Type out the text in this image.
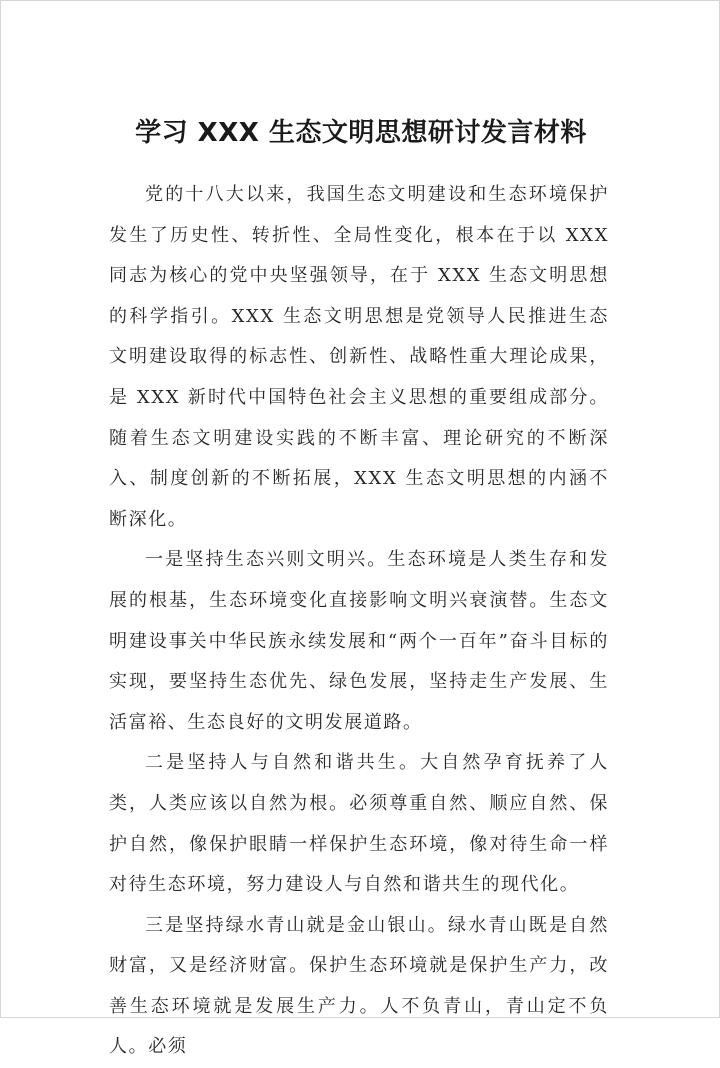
学习 XXX 生态文明思想研讨发言材料

党的十八大以来，我国生态文明建设和生态环境保护发生了历史性、转折性、全局性变化，根本在于以 XXX 同志为核心的党中央坚强领导，在于 XXX 生态文明思想的科学指引。XXX 生态文明思想是党领导人民推进生态文明建设取得的标志性、创新性、战略性重大理论成果，是 XXX 新时代中国特色社会主义思想的重要组成部分。随着生态文明建设实践的不断丰富、理论研究的不断深入、制度创新的不断拓展，XXX 生态文明思想的内涵不断深化。

一是坚持生态兴则文明兴。生态环境是人类生存和发展的根基，生态环境变化直接影响文明兴衰演替。生态文明建设事关中华民族永续发展和“两个一百年”奋斗目标的实现，要坚持生态优先、绿色发展，坚持走生产发展、生活富裕、生态良好的文明发展道路。

二是坚持人与自然和谐共生。大自然孕育抚养了人类，人类应该以自然为根。必须尊重自然、顺应自然、保护自然，像保护眼睛一样保护生态环境，像对待生命一样对待生态环境，努力建设人与自然和谐共生的现代化。

三是坚持绿水青山就是金山银山。绿水青山既是自然财富，又是经济财富。保护生态环境就是保护生产力，改善生态环境就是发展生产力。人不负青山，青山定不负人。必须
